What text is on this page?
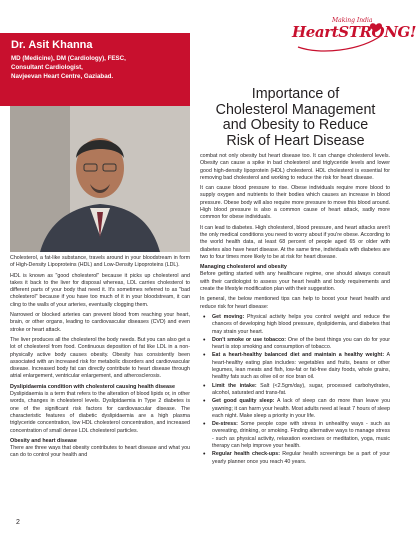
Dr. Asit Khanna
MD (Medicine), DM (Cardiology), FESC,
Consultant Cardiologist,
Navjeevan Heart Centre, Gaziabad.
Making India
HeartSTRONG!
Importance of
Cholesterol Management
and Obesity to Reduce
Risk of Heart Disease

Cholesterol, a fat-like substance, travels around in your bloodstream in form of High-Density Lipoproteins (HDL) and Low-Density Lipoproteins (LDL).

HDL is known as "good cholesterol" because it picks up cholesterol and takes it back to the liver for disposal whereas, LDL carries cholesterol to different parts of your body that need it. It's sometimes referred to as "bad cholesterol" because if you have too much of it in your bloodstream, it can cling to the walls of your arteries, eventually clogging them.

Narrowed or blocked arteries can prevent blood from reaching your heart, brain, or other organs, leading to cardiovascular diseases (CVD) and even stroke or heart attack.

The liver produces all the cholesterol the body needs. But you can also get a lot of cholesterol from food. Continuous deposition of fat like LDL in a non-physically active body causes obesity. Obesity has consistently been associated with an increased risk for metabolic disorders and cardiovascular disease. Increased body fat can directly contribute to heart disease through atrial enlargement, ventricular enlargement, and atherosclerosis.

Dyslipidaemia condition with cholesterol causing health disease

Dyslipidaemia is a term that refers to the alteration of blood lipids or, in other words, changes in cholesterol levels. Dyslipidaemia in Type 2 diabetes is one of the significant risk factors for cardiovascular disease. The characteristic features of diabetic dyslipidaemia are a high plasma triglyceride concentration, low HDL cholesterol concentration, and increased concentration of small dense LDL cholesterol particles.

Obesity and heart disease

There are three ways that obesity contributes to heart disease and what you can do to control your health and

combat not only obesity but heart disease too. It can change cholesterol levels. Obesity can cause a spike in bad cholesterol and triglyceride levels and lower good high-density lipoprotein (HDL) cholesterol. HDL cholesterol is essential for removing bad cholesterol and working to reduce the risk for heart disease.

It can cause blood pressure to rise. Obese individuals require more blood to supply oxygen and nutrients to their bodies which causes an increase in blood pressure. Obese body will also require more pressure to move this blood around. High blood pressure is also a common cause of heart attack, sadly more common for obese individuals.

It can lead to diabetes. High cholesterol, blood pressure, and heart attacks aren't the only medical conditions you need to worry about if you're obese. According to the world health data, at least 68 percent of people aged 65 or older with diabetes also have heart disease. At the same time, individuals with diabetes are two to four times more likely to be at risk for heart disease.

Managing cholesterol and obesity

Before getting started with any healthcare regime, one should always consult with their cardiologist to assess your heart health and body requirements and create the lifestyle modification plan with their suggestion.

In general, the below mentioned tips can help to boost your heart health and reduce risk for heart disease:

• Get moving: Physical activity helps you control weight and reduce the chances of developing high blood pressure, dyslipidemia, and diabetes that may strain your heart.
• Don't smoke or use tobacco: One of the best things you can do for your heart is stop smoking and consumption of tobacco.
• Eat a heart-healthy balanced diet and maintain a healthy weight: A heart-healthy eating plan includes: vegetables and fruits, beans or other legumes, lean meats and fish, low-fat or fat-free dairy foods, whole grains, healthy fats such as olive oil or rice bran oil.
• Limit the intake: Salt (<2.5gm/day), sugar, processed carbohydrates, alcohol, saturated and trans-fat.
• Get good quality sleep: A lack of sleep can do more than leave you yawning; it can harm your health. Most adults need at least 7 hours of sleep each night. Make sleep a priority in your life.
• De-stress: Some people cope with stress in unhealthy ways - such as overeating, drinking, or smoking. Finding alternative ways to manage stress - such as physical activity, relaxation exercises or meditation, yoga, music therapy can help improve your health.
• Regular health check-ups: Regular health screenings be a part of your yearly planner once you reach 40 years.
2
